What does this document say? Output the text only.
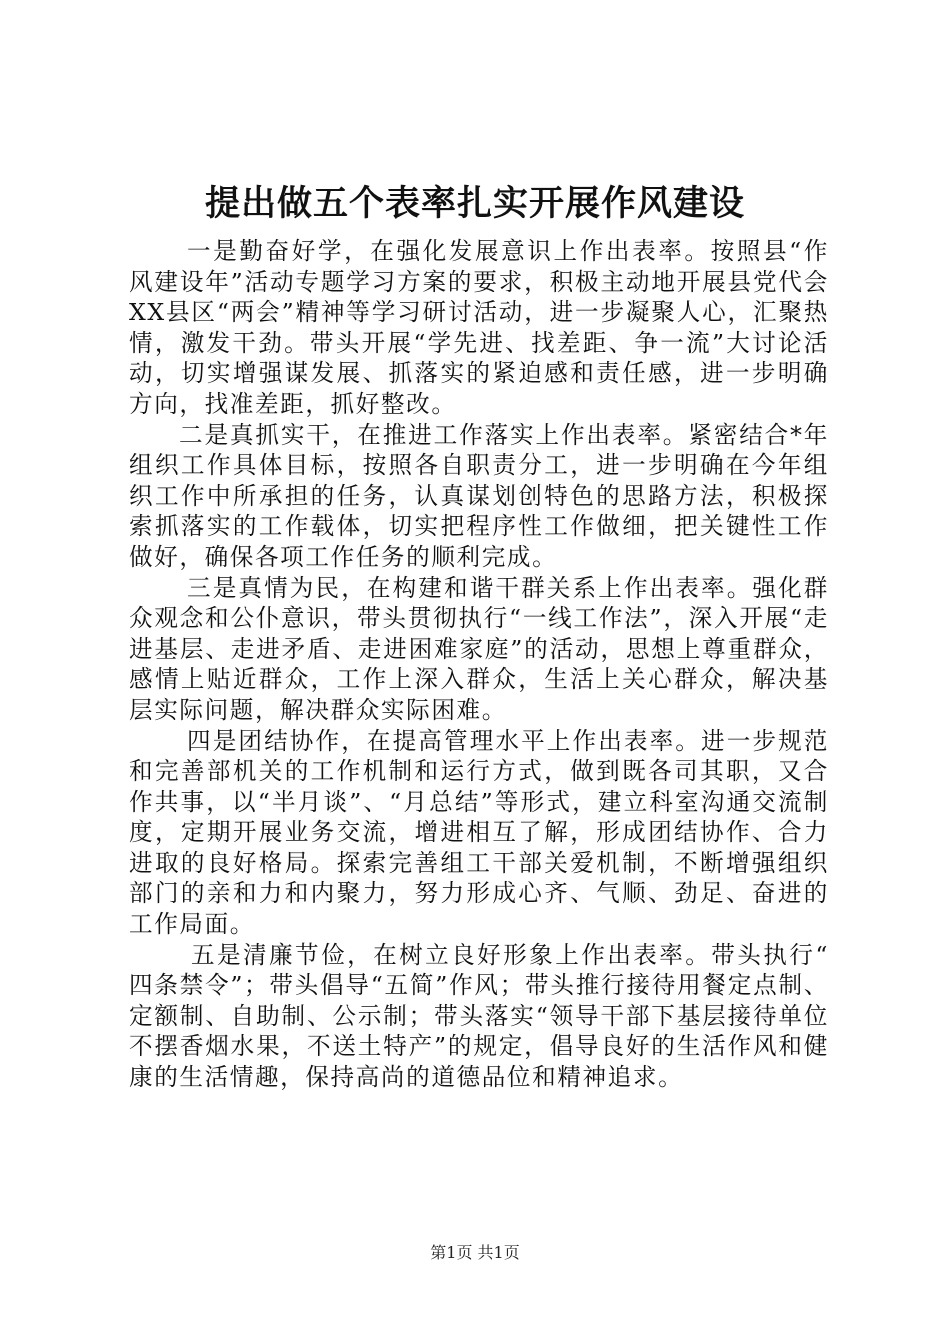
提出做五个表率扎实开展作风建设

一是勤奋好学，在强化发展意识上作出表率。按照县“作风建设年”活动专题学习方案的要求，积极主动地开展县党代会XX县区“两会”精神等学习研讨活动，进一步凝聚人心，汇聚热情，激发干劲。带头开展“学先进、找差距、争一流”大讨论活动，切实增强谋发展、抓落实的紧迫感和责任感，进一步明确方向，找准差距，抓好整改。

二是真抓实干，在推进工作落实上作出表率。紧密结合*年组织工作具体目标，按照各自职责分工，进一步明确在今年组织工作中所承担的任务，认真谋划创特色的思路方法，积极探索抓落实的工作载体，切实把程序性工作做细，把关键性工作做好，确保各项工作任务的顺利完成。

三是真情为民，在构建和谐干群关系上作出表率。强化群众观念和公仆意识，带头贯彻执行“一线工作法”，深入开展“走进基层、走进矛盾、走进困难家庭”的活动，思想上尊重群众，感情上贴近群众，工作上深入群众，生活上关心群众，解决基层实际问题，解决群众实际困难。

四是团结协作，在提高管理水平上作出表率。进一步规范和完善部机关的工作机制和运行方式，做到既各司其职，又合作共事，以“半月谈”、“月总结”等形式，建立科室沟通交流制度，定期开展业务交流，增进相互了解，形成团结协作、合力进取的良好格局。探索完善组工干部关爱机制，不断增强组织部门的亲和力和内聚力，努力形成心齐、气顺、劲足、奋进的工作局面。

五是清廉节俭，在树立良好形象上作出表率。带头执行“四条禁令”；带头倡导“五简”作风；带头推行接待用餐定点制、定额制、自助制、公示制；带头落实“领导干部下基层接待单位不摆香烟水果，不送土特产”的规定，倡导良好的生活作风和健康的生活情趣，保持高尚的道德品位和精神追求。

第1页 共1页
